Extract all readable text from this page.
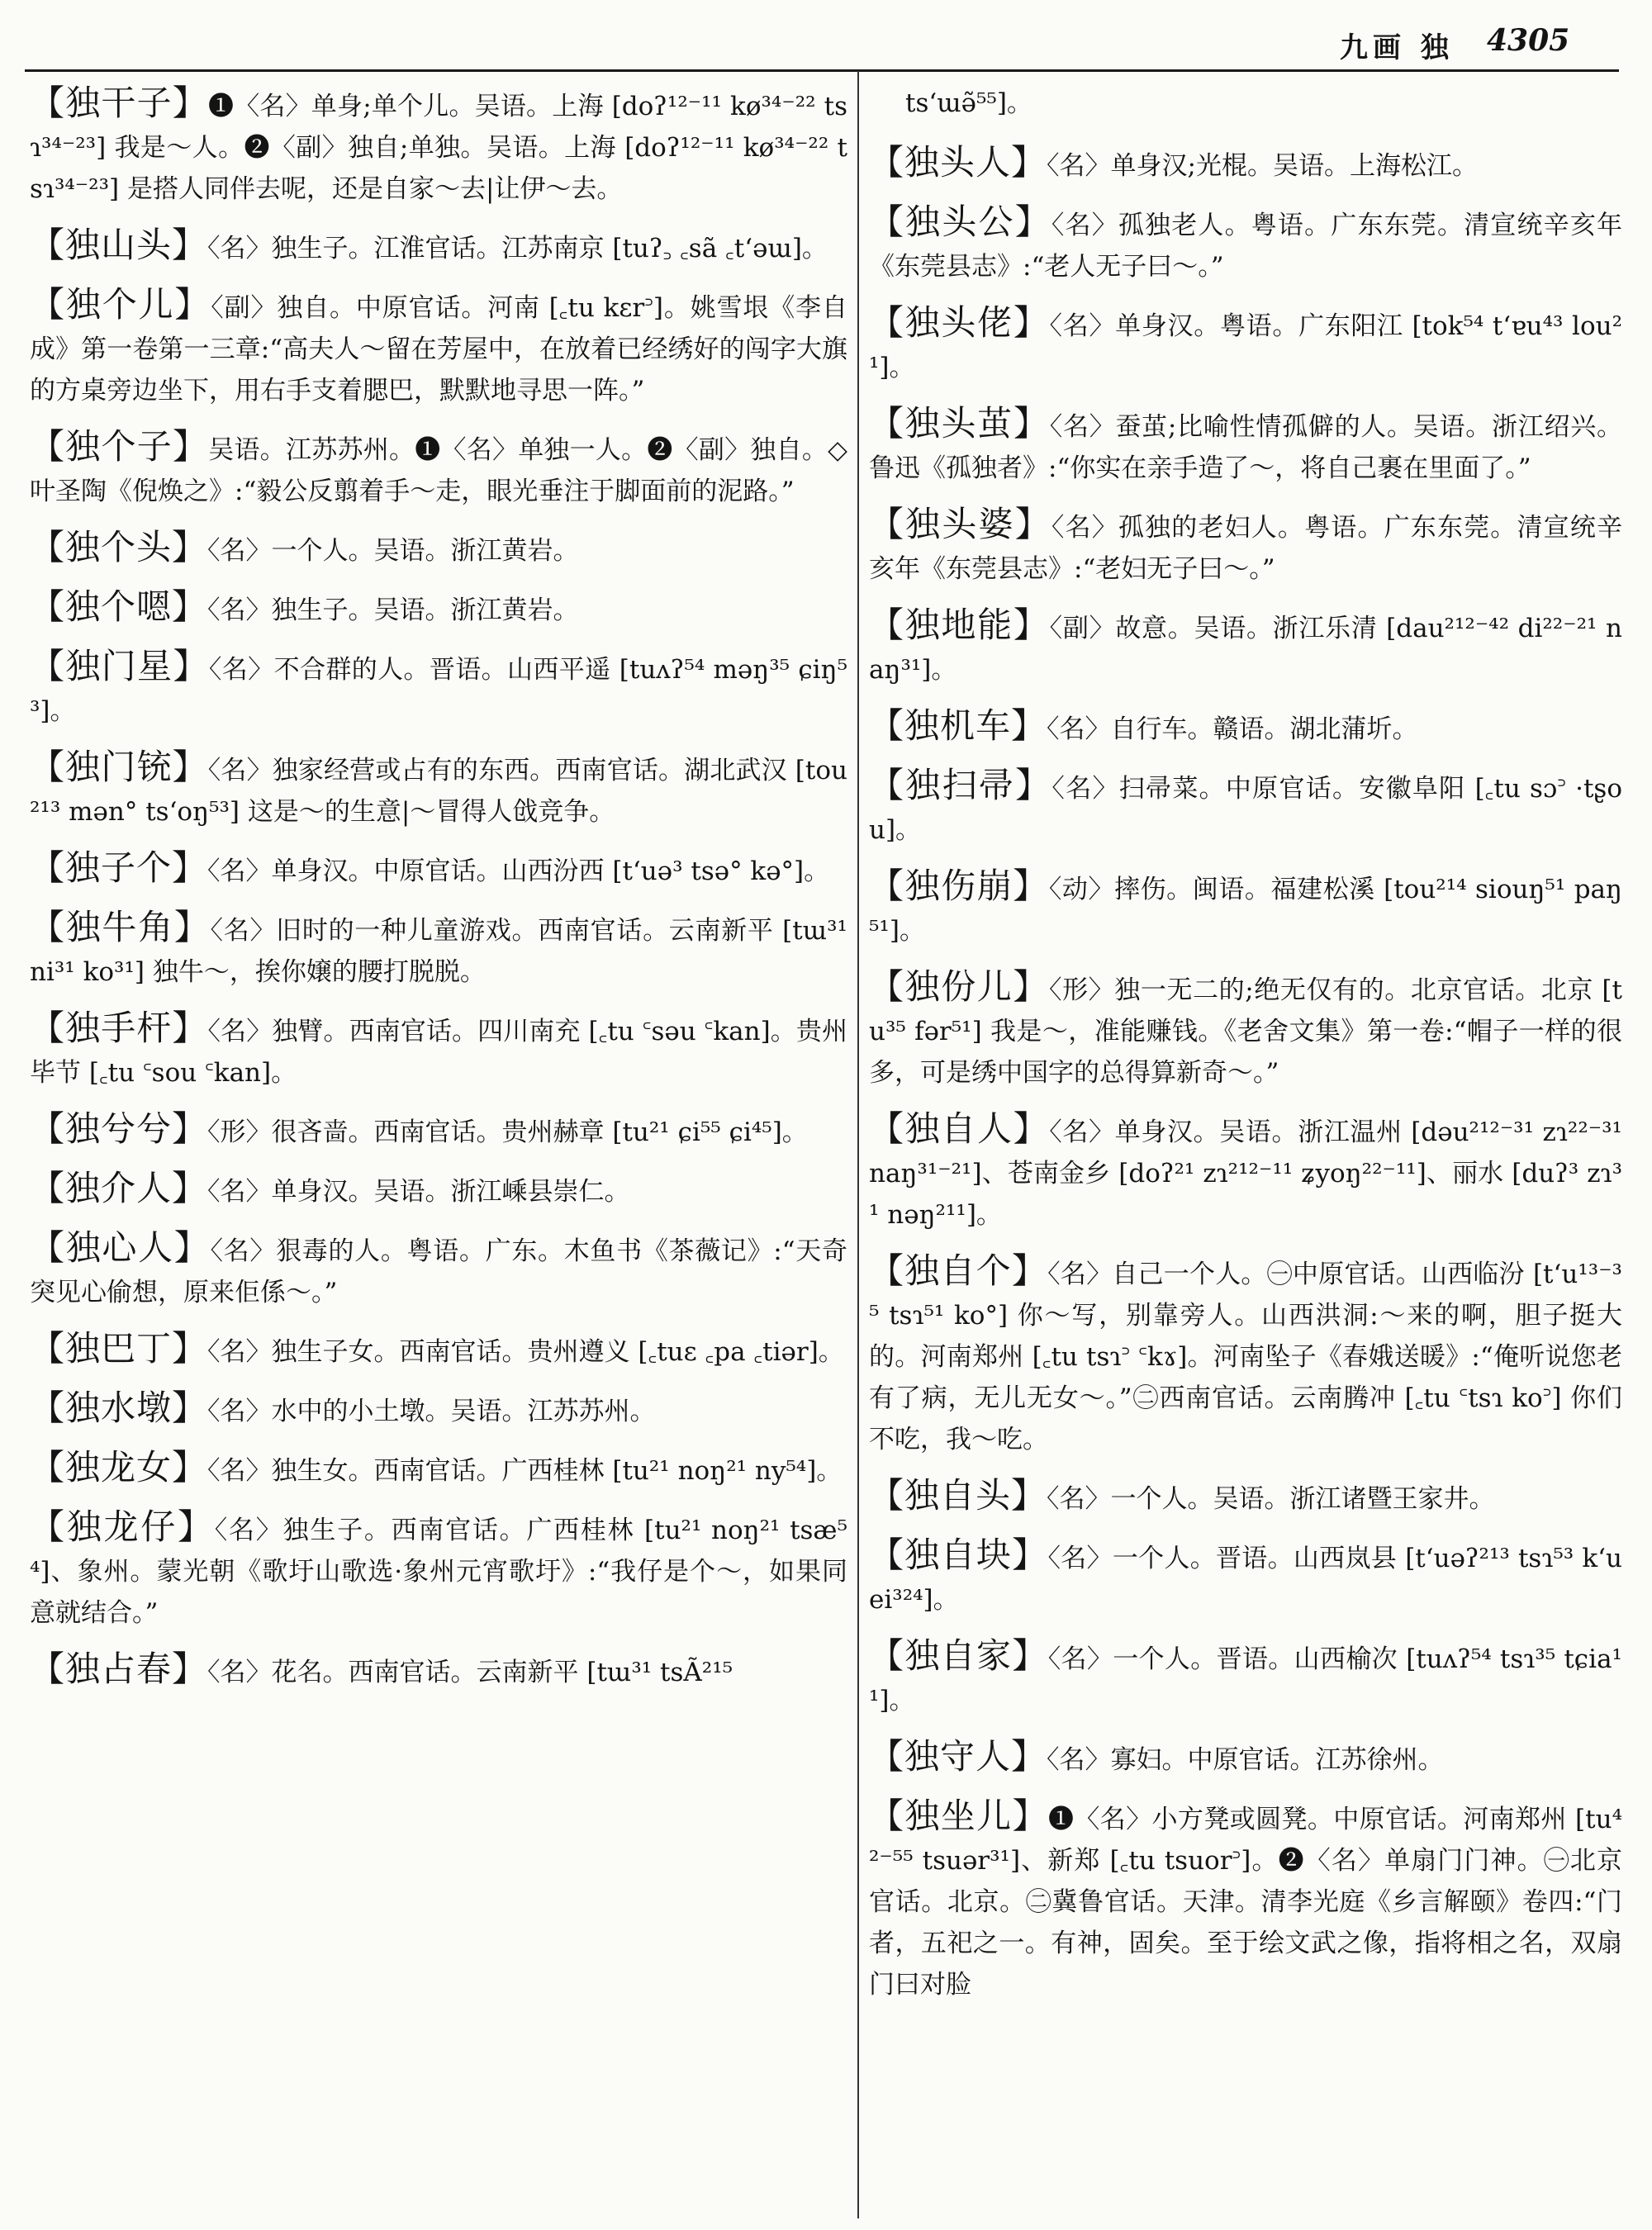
九画 独 4305
【独干子】❶〈名〉单身;单个儿。吴语。上海 [doʔ¹²⁻¹¹ kø³⁴⁻²² tsɿ³⁴⁻²³] 我是～人。❷〈副〉独自;单独。吴语。上海 [doʔ¹²⁻¹¹ kø³⁴⁻²² tsɿ³⁴⁻²³] 是搭人同伴去呢，还是自家～去|让伊～去。
【独山头】〈名〉独生子。江淮官话。江苏南京 [tuʔ꜆ ꜀sã ꜀tʻəɯ]。
【独个儿】〈副〉独自。中原官话。河南 [꜀tu kɛr꜄]。姚雪垠《李自成》第一卷第一三章:“高夫人～留在芳屋中，在放着已经绣好的闯字大旗的方桌旁边坐下，用右手支着腮巴，默默地寻思一阵。”
【独个子】吴语。江苏苏州。❶〈名〉单独一人。❷〈副〉独自。◇叶圣陶《倪焕之》:“毅公反翦着手～走，眼光垂注于脚面前的泥路。”
【独个头】〈名〉一个人。吴语。浙江黄岩。
【独个嗯】〈名〉独生子。吴语。浙江黄岩。
【独门星】〈名〉不合群的人。晋语。山西平遥 [tuʌʔ⁵⁴ məŋ³⁵ ɕiŋ⁵³]。
【独门铳】〈名〉独家经营或占有的东西。西南官话。湖北武汉 [tou²¹³ mən° tsʻoŋ⁵³] 这是～的生意|～冒得人戗竞争。
【独子个】〈名〉单身汉。中原官话。山西汾西 [tʻuə³ tsə° kə°]。
【独牛角】〈名〉旧时的一种儿童游戏。西南官话。云南新平 [tɯ³¹ ni³¹ ko³¹] 独牛～，挨你嬢的腰打脱脱。
【独手杆】〈名〉独臂。西南官话。四川南充 [꜀tu ꜂səu ꜂kan]。贵州毕节 [꜀tu ꜂sou ꜂kan]。
【独兮兮】〈形〉很吝啬。西南官话。贵州赫章 [tu²¹ ɕi⁵⁵ ɕi⁴⁵]。
【独介人】〈名〉单身汉。吴语。浙江嵊县崇仁。
【独心人】〈名〉狠毒的人。粤语。广东。木鱼书《茶薇记》:“天奇突见心偷想，原来佢係～。”
【独巴丁】〈名〉独生子女。西南官话。贵州遵义 [꜀tuɛ ꜀pa ꜀tiər]。
【独水墩】〈名〉水中的小土墩。吴语。江苏苏州。
【独龙女】〈名〉独生女。西南官话。广西桂林 [tu²¹ noŋ²¹ ny⁵⁴]。
【独龙仔】〈名〉独生子。西南官话。广西桂林 [tu²¹ noŋ²¹ tsæ⁵⁴]、象州。蒙光朝《歌圩山歌选·象州元宵歌圩》:“我仔是个～，如果同意就结合。”
【独占春】〈名〉花名。西南官话。云南新平 [tɯ³¹ tsÃ²¹⁵
tsʻɯə̃⁵⁵]。
【独头人】〈名〉单身汉;光棍。吴语。上海松江。
【独头公】〈名〉孤独老人。粤语。广东东莞。清宣统辛亥年《东莞县志》:“老人无子曰～。”
【独头佬】〈名〉单身汉。粤语。广东阳江 [tok⁵⁴ tʻɐu⁴³ lou²¹]。
【独头茧】〈名〉蚕茧;比喻性情孤僻的人。吴语。浙江绍兴。鲁迅《孤独者》:“你实在亲手造了～，将自己裹在里面了。”
【独头婆】〈名〉孤独的老妇人。粤语。广东东莞。清宣统辛亥年《东莞县志》:“老妇无子曰～。”
【独地能】〈副〉故意。吴语。浙江乐清 [dau²¹²⁻⁴² di²²⁻²¹ naŋ³¹]。
【独机车】〈名〉自行车。赣语。湖北蒲圻。
【独扫帚】〈名〉扫帚菜。中原官话。安徽阜阳 [꜀tu sɔ꜄ ·tʂou]。
【独伤崩】〈动〉摔伤。闽语。福建松溪 [tou²¹⁴ siouŋ⁵¹ paŋ⁵¹]。
【独份儿】〈形〉独一无二的;绝无仅有的。北京官话。北京 [tu³⁵ fər⁵¹] 我是～，准能赚钱。《老舍文集》第一卷:“帽子一样的很多，可是绣中国字的总得算新奇～。”
【独自人】〈名〉单身汉。吴语。浙江温州 [dəu²¹²⁻³¹ zɿ²²⁻³¹ naŋ³¹⁻²¹]、苍南金乡 [doʔ²¹ zɿ²¹²⁻¹¹ ʑyoŋ²²⁻¹¹]、丽水 [duʔ³ zɿ³¹ nəŋ²¹¹]。
【独自个】〈名〉自己一个人。㊀中原官话。山西临汾 [tʻu¹³⁻³⁵ tsɿ⁵¹ ko°] 你～写，别靠旁人。山西洪洞:～来的啊，胆子挺大的。河南郑州 [꜀tu tsɿ꜄ ꜂kɤ]。河南坠子《春娥送暖》:“俺听说您老有了病，无儿无女～。”㊁西南官话。云南腾冲 [꜀tu ꜂tsɿ ko꜄] 你们不吃，我～吃。
【独自头】〈名〉一个人。吴语。浙江诸暨王家井。
【独自块】〈名〉一个人。晋语。山西岚县 [tʻuəʔ²¹³ tsɿ⁵³ kʻuei³²⁴]。
【独自家】〈名〉一个人。晋语。山西榆次 [tuʌʔ⁵⁴ tsɿ³⁵ tɕia¹¹]。
【独守人】〈名〉寡妇。中原官话。江苏徐州。
【独坐儿】❶〈名〉小方凳或圆凳。中原官话。河南郑州 [tu⁴²⁻⁵⁵ tsuər³¹]、新郑 [꜀tu tsuor꜄]。❷〈名〉单扇门门神。㊀北京官话。北京。㊁冀鲁官话。天津。清李光庭《乡言解颐》卷四:“门者，五祀之一。有神，固矣。至于绘文武之像，指将相之名，双扇门曰对脸
